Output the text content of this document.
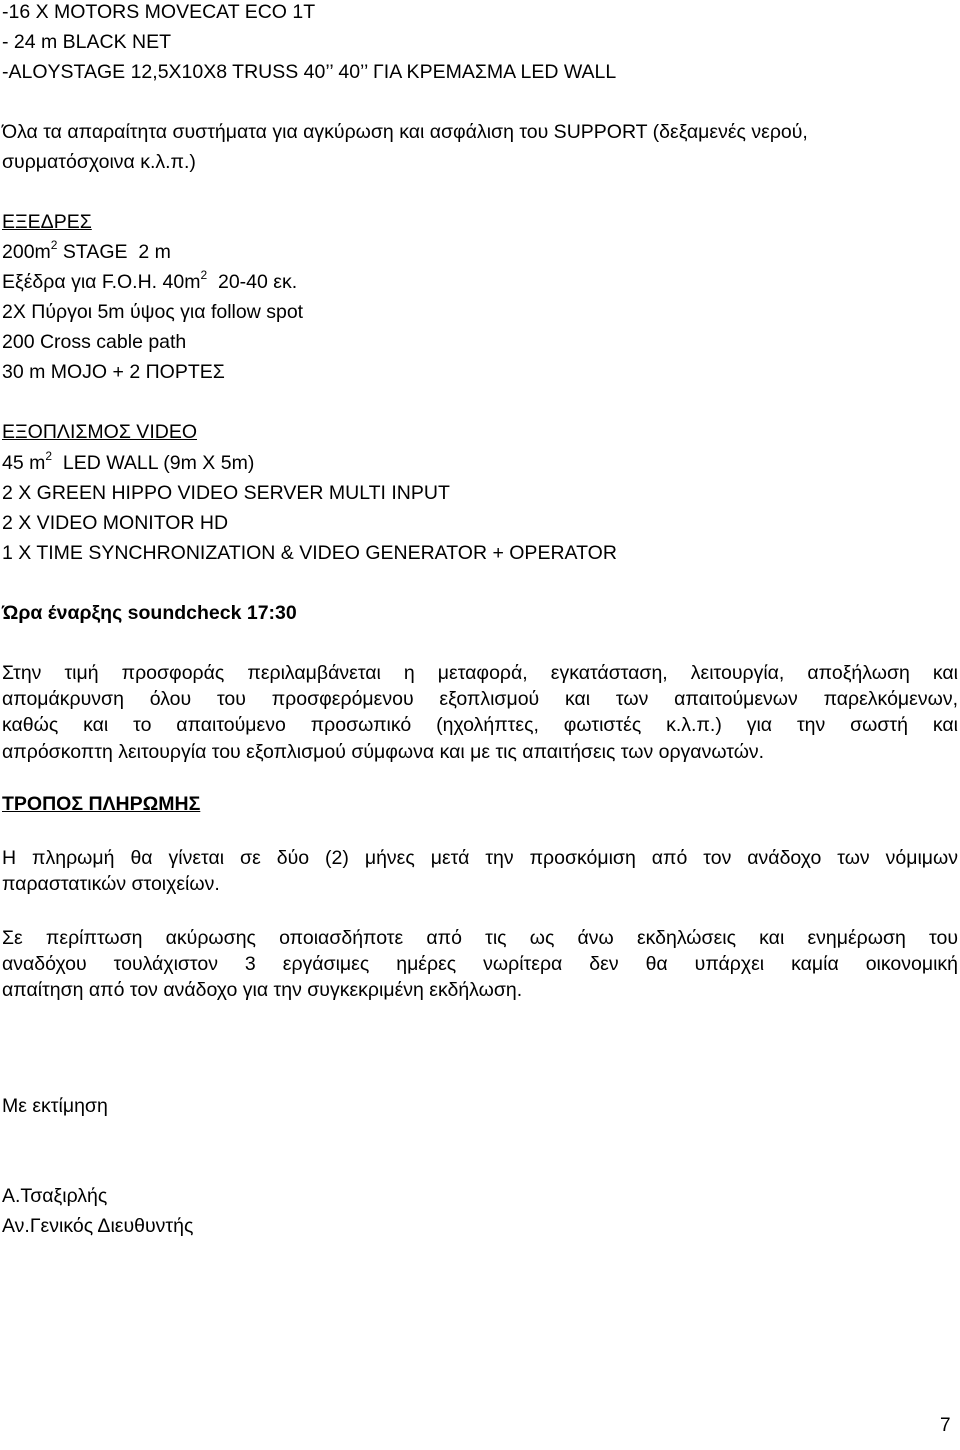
-16 X MOTORS MOVECAT ECO 1T
- 24 m BLACK NET
-ALOYSTAGE 12,5X10X8 TRUSS 40’’ 40’’ ΓΙΑ ΚΡΕΜΑΣΜΑ LED WALL
Όλα τα απαραίτητα συστήματα για αγκύρωση και ασφάλιση του SUPPORT (δεξαμενές νερού,
συρματόσχοινα κ.λ.π.)
ΕΞΕΔΡΕΣ
$200m^2$ STAGE  2 m
Εξέδρα για F.O.H. $40m^2$  20-40 εκ.
2Χ Πύργοι 5m ύψος για follow spot
200 Cross cable path
30 m MOJO + 2 ΠΟΡΤΕΣ
ΕΞΟΠΛΙΣΜΟΣ VIDEO
45 $m^2$  LED WALL (9m X 5m)
2 X GREEN HIPPO VIDEO SERVER MULTI INPUT
2 X VIDEO MONITOR HD
1 X TIME SYNCHRONIZATION & VIDEO GENERATOR + OPERATOR
Ώρα έναρξης soundcheck 17:30
Στην τιμή προσφοράς περιλαμβάνεται η μεταφορά, εγκατάσταση, λειτουργία, αποξήλωση και
απομάκρυνση όλου του προσφερόμενου εξοπλισμού και των απαιτούμενων παρελκόμενων,
καθώς και το απαιτούμενο προσωπικό (ηχολήπτες, φωτιστές κ.λ.π.) για την σωστή και
απρόσκοπτη λειτουργία του εξοπλισμού σύμφωνα και με τις απαιτήσεις των οργανωτών.
ΤΡΟΠΟΣ ΠΛΗΡΩΜΗΣ
Η πληρωμή θα γίνεται σε δύο (2) μήνες μετά την προσκόμιση από τον ανάδοχο των νόμιμων
παραστατικών στοιχείων.
Σε περίπτωση ακύρωσης οποιασδήποτε από τις ως άνω εκδηλώσεις και ενημέρωση του
αναδόχου τουλάχιστον 3 εργάσιμες ημέρες νωρίτερα δεν θα υπάρχει καμία οικονομική
απαίτηση από τον ανάδοχο για την συγκεκριμένη εκδήλωση.
Με εκτίμηση
Α.Τσαξιρλής
Αν.Γενικός Διευθυντής
7
